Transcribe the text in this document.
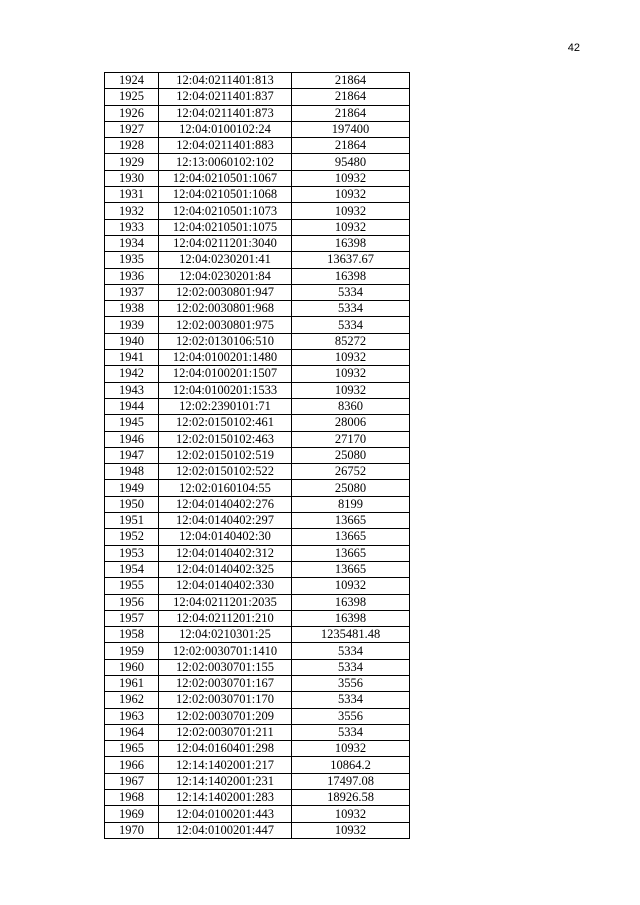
42
1924	12:04:0211401:813	21864
1925	12:04:0211401:837	21864
1926	12:04:0211401:873	21864
1927	12:04:0100102:24	197400
1928	12:04:0211401:883	21864
1929	12:13:0060102:102	95480
1930	12:04:0210501:1067	10932
1931	12:04:0210501:1068	10932
1932	12:04:0210501:1073	10932
1933	12:04:0210501:1075	10932
1934	12:04:0211201:3040	16398
1935	12:04:0230201:41	13637.67
1936	12:04:0230201:84	16398
1937	12:02:0030801:947	5334
1938	12:02:0030801:968	5334
1939	12:02:0030801:975	5334
1940	12:02:0130106:510	85272
1941	12:04:0100201:1480	10932
1942	12:04:0100201:1507	10932
1943	12:04:0100201:1533	10932
1944	12:02:2390101:71	8360
1945	12:02:0150102:461	28006
1946	12:02:0150102:463	27170
1947	12:02:0150102:519	25080
1948	12:02:0150102:522	26752
1949	12:02:0160104:55	25080
1950	12:04:0140402:276	8199
1951	12:04:0140402:297	13665
1952	12:04:0140402:30	13665
1953	12:04:0140402:312	13665
1954	12:04:0140402:325	13665
1955	12:04:0140402:330	10932
1956	12:04:0211201:2035	16398
1957	12:04:0211201:210	16398
1958	12:04:0210301:25	1235481.48
1959	12:02:0030701:1410	5334
1960	12:02:0030701:155	5334
1961	12:02:0030701:167	3556
1962	12:02:0030701:170	5334
1963	12:02:0030701:209	3556
1964	12:02:0030701:211	5334
1965	12:04:0160401:298	10932
1966	12:14:1402001:217	10864.2
1967	12:14:1402001:231	17497.08
1968	12:14:1402001:283	18926.58
1969	12:04:0100201:443	10932
1970	12:04:0100201:447	10932
